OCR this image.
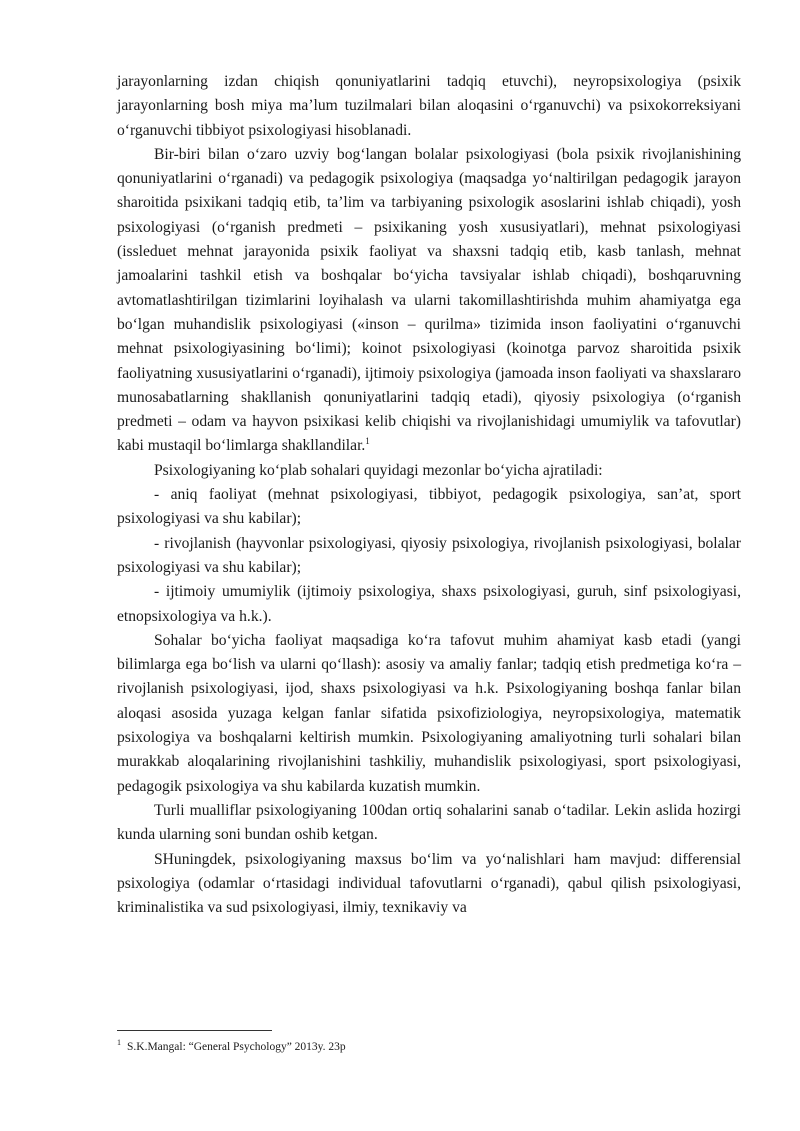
jarayonlarning izdan chiqish qonuniyatlarini tadqiq etuvchi), neyropsixologiya (psixik jarayonlarning bosh miya ma’lum tuzilmalari bilan aloqasini o‘rganuvchi) va psixokorreksiyani o‘rganuvchi tibbiyot psixologiyasi hisoblanadi.

Bir-biri bilan o‘zaro uzviy bog‘langan bolalar psixologiyasi (bola psixik rivojlanishining qonuniyatlarini o‘rganadi) va pedagogik psixologiya (maqsadga yo‘naltirilgan pedagogik jarayon sharoitida psixikani tadqiq etib, ta’lim va tarbiyaning psixologik asoslarini ishlab chiqadi), yosh psixologiyasi (o‘rganish predmeti – psixikaning yosh xususiyatlari), mehnat psixologiyasi (issleduet mehnat jarayonida psixik faoliyat va shaxsni tadqiq etib, kasb tanlash, mehnat jamoalarini tashkil etish va boshqalar bo‘yicha tavsiyalar ishlab chiqadi), boshqaruvning avtomatlashtirilgan tizimlarini loyihalash va ularni takomillashtirishda muhim ahamiyatga ega bo‘lgan muhandislik psixologiyasi («inson – qurilma» tizimida inson faoliyatini o‘rganuvchi mehnat psixologiyasining bo‘limi); koinot psixologiyasi (koinotga parvoz sharoitida psixik faoliyatning xususiyatlarini o‘rganadi), ijtimoiy psixologiya (jamoada inson faoliyati va shaxslararo munosabatlarning shakllanish qonuniyatlarini tadqiq etadi), qiyosiy psixologiya (o‘rganish predmeti – odam va hayvon psixikasi kelib chiqishi va rivojlanishidagi umumiylik va tafovutlar) kabi mustaqil bo‘limlarga shakllandilar.$^1$

Psixologiyaning ko‘plab sohalari quyidagi mezonlar bo‘yicha ajratiladi:

- aniq faoliyat (mehnat psixologiyasi, tibbiyot, pedagogik psixologiya, san’at, sport psixologiyasi va shu kabilar);

- rivojlanish (hayvonlar psixologiyasi, qiyosiy psixologiya, rivojlanish psixologiyasi, bolalar psixologiyasi va shu kabilar);

- ijtimoiy umumiylik (ijtimoiy psixologiya, shaxs psixologiyasi, guruh, sinf psixologiyasi, etnopsixologiya va h.k.).

Sohalar bo‘yicha faoliyat maqsadiga ko‘ra tafovut muhim ahamiyat kasb etadi (yangi bilimlarga ega bo‘lish va ularni qo‘llash): asosiy va amaliy fanlar; tadqiq etish predmetiga ko‘ra – rivojlanish psixologiyasi, ijod, shaxs psixologiyasi va h.k. Psixologiyaning boshqa fanlar bilan aloqasi asosida yuzaga kelgan fanlar sifatida psixofiziologiya, neyropsixologiya, matematik psixologiya va boshqalarni keltirish mumkin. Psixologiyaning amaliyotning turli sohalari bilan murakkab aloqalarining rivojlanishini tashkiliy, muhandislik psixologiyasi, sport psixologiyasi, pedagogik psixologiya va shu kabilarda kuzatish mumkin.

Turli mualliflar psixologiyaning 100dan ortiq sohalarini sanab o‘tadilar. Lekin aslida hozirgi kunda ularning soni bundan oshib ketgan.

SHuningdek, psixologiyaning maxsus bo‘lim va yo‘nalishlari ham mavjud: differensial psixologiya (odamlar o‘rtasidagi individual tafovutlarni o‘rganadi), qabul qilish psixologiyasi, kriminalistika va sud psixologiyasi, ilmiy, texnikaviy va

$^1$ S.K.Mangal: “General Psychology” 2013y. 23p
